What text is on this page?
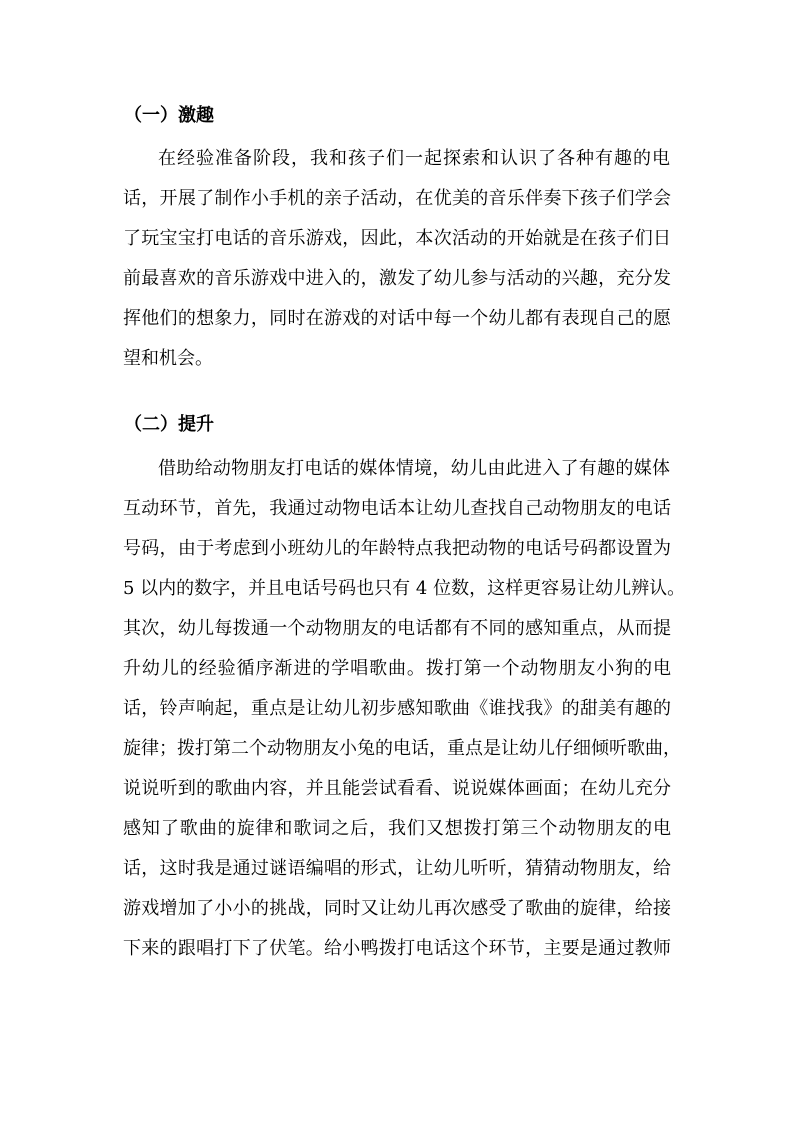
（一）激趣
在经验准备阶段，我和孩子们一起探索和认识了各种有趣的电
话，开展了制作小手机的亲子活动，在优美的音乐伴奏下孩子们学会
了玩宝宝打电话的音乐游戏，因此，本次活动的开始就是在孩子们日
前最喜欢的音乐游戏中进入的，激发了幼儿参与活动的兴趣，充分发
挥他们的想象力，同时在游戏的对话中每一个幼儿都有表现自己的愿
望和机会。
（二）提升
借助给动物朋友打电话的媒体情境，幼儿由此进入了有趣的媒体
互动环节，首先，我通过动物电话本让幼儿查找自己动物朋友的电话
号码，由于考虑到小班幼儿的年龄特点我把动物的电话号码都设置为
5 以内的数字，并且电话号码也只有 4 位数，这样更容易让幼儿辨认。
其次，幼儿每拨通一个动物朋友的电话都有不同的感知重点，从而提
升幼儿的经验循序渐进的学唱歌曲。拨打第一个动物朋友小狗的电
话，铃声响起，重点是让幼儿初步感知歌曲《谁找我》的甜美有趣的
旋律；拨打第二个动物朋友小兔的电话，重点是让幼儿仔细倾听歌曲，
说说听到的歌曲内容，并且能尝试看看、说说媒体画面；在幼儿充分
感知了歌曲的旋律和歌词之后，我们又想拨打第三个动物朋友的电
话，这时我是通过谜语编唱的形式，让幼儿听听，猜猜动物朋友，给
游戏增加了小小的挑战，同时又让幼儿再次感受了歌曲的旋律，给接
下来的跟唱打下了伏笔。给小鸭拨打电话这个环节，主要是通过教师
